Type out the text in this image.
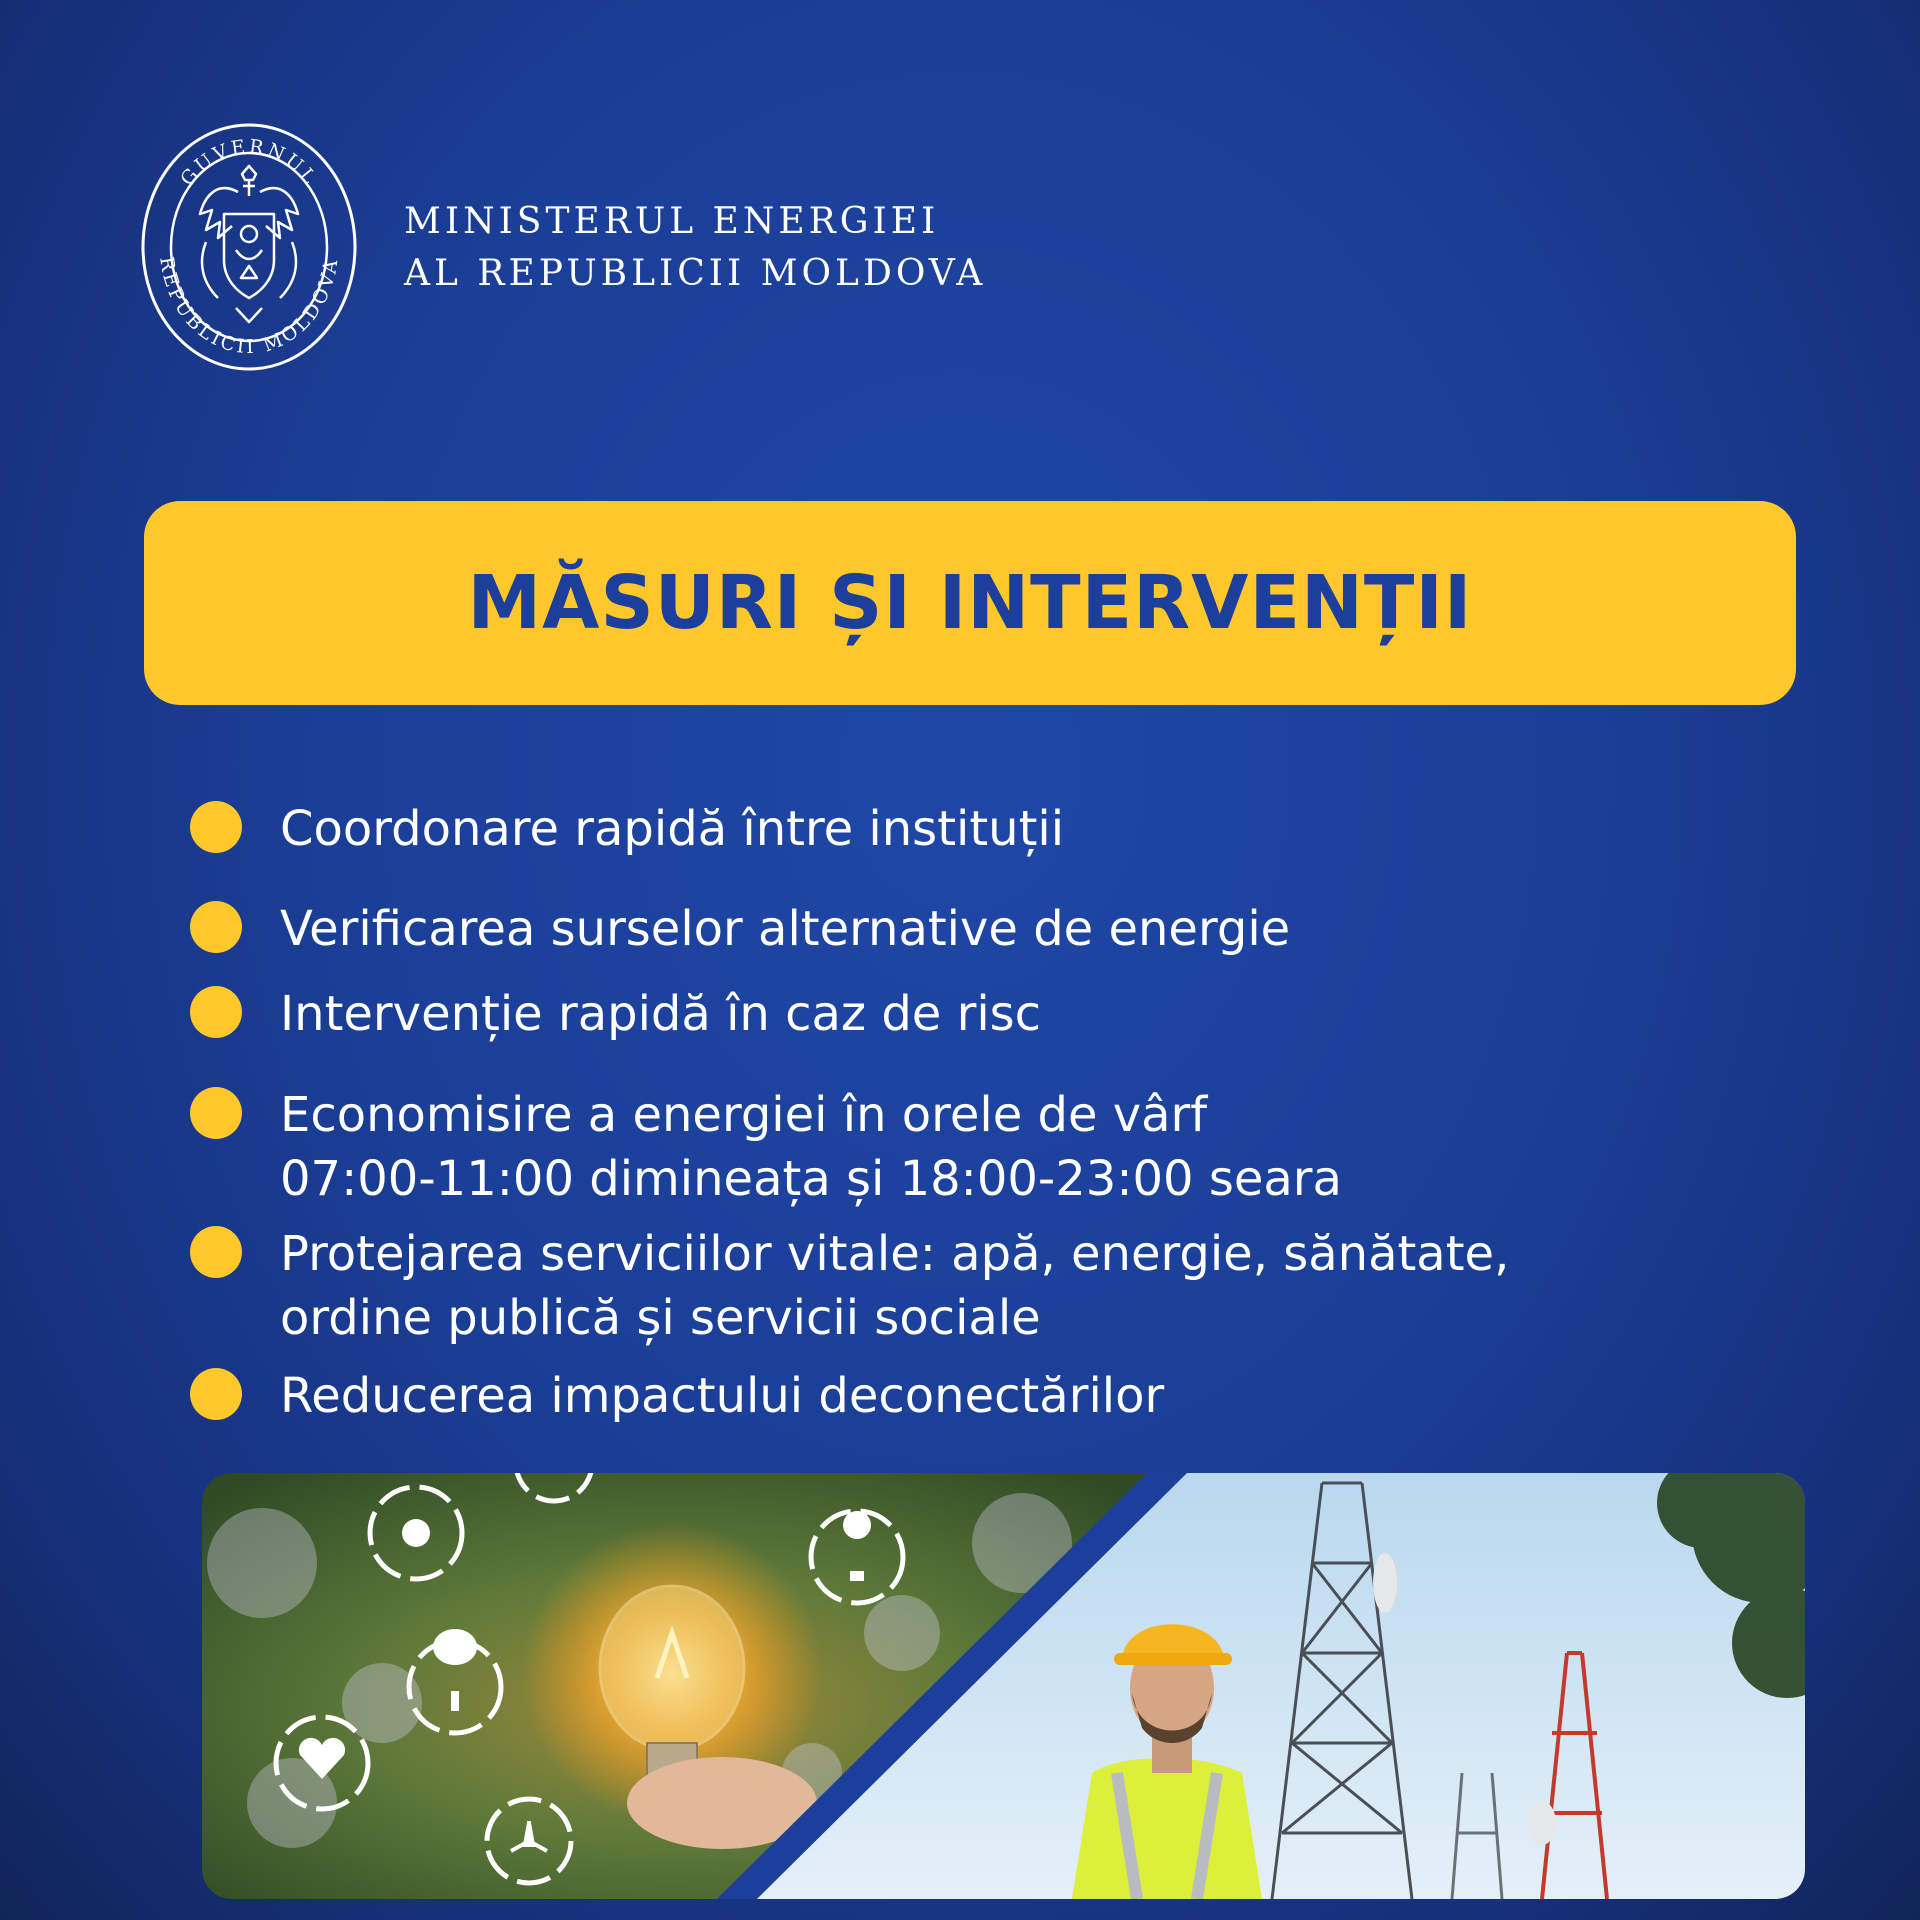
GUVERNUL
REPUBLICII MOLDOVA
MINISTERUL ENERGIEI
AL REPUBLICII MOLDOVA
MĂSURI ȘI INTERVENȚII
Coordonare rapidă între instituții
Verificarea surselor alternative de energie
Intervenție rapidă în caz de risc
Economisire a energiei în orele de vârf
07:00-11:00 dimineața și 18:00-23:00 seara
Protejarea serviciilor vitale: apă, energie, sănătate,
ordine publică și servicii sociale
Reducerea impactului deconectărilor
